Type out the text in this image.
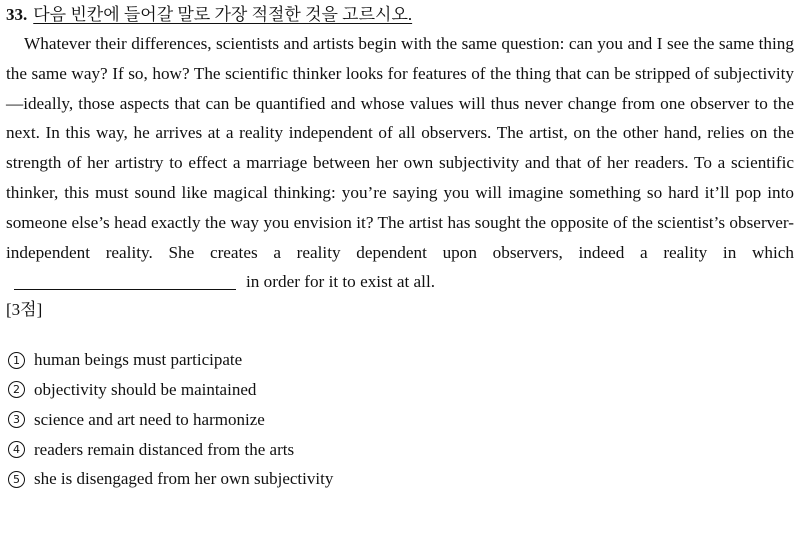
33. 다음 빈칸에 들어갈 말로 가장 적절한 것을 고르시오.

Whatever their differences, scientists and artists begin with the same question: can you and I see the same thing the same way? If so, how? The scientific thinker looks for features of the thing that can be stripped of subjectivity—ideally, those aspects that can be quantified and whose values will thus never change from one observer to the next. In this way, he arrives at a reality independent of all observers. The artist, on the other hand, relies on the strength of her artistry to effect a marriage between her own subjectivity and that of her readers. To a scientific thinker, this must sound like magical thinking: you’re saying you will imagine something so hard it’ll pop into someone else’s head exactly the way you envision it? The artist has sought the opposite of the scientist’s observer-independent reality. She creates a reality dependent upon observers, indeed a reality in whichin order for it to exist at all.

[3점]

1 human beings must participate
2 objectivity should be maintained
3 science and art need to harmonize
4 readers remain distanced from the arts
5 she is disengaged from her own subjectivity
